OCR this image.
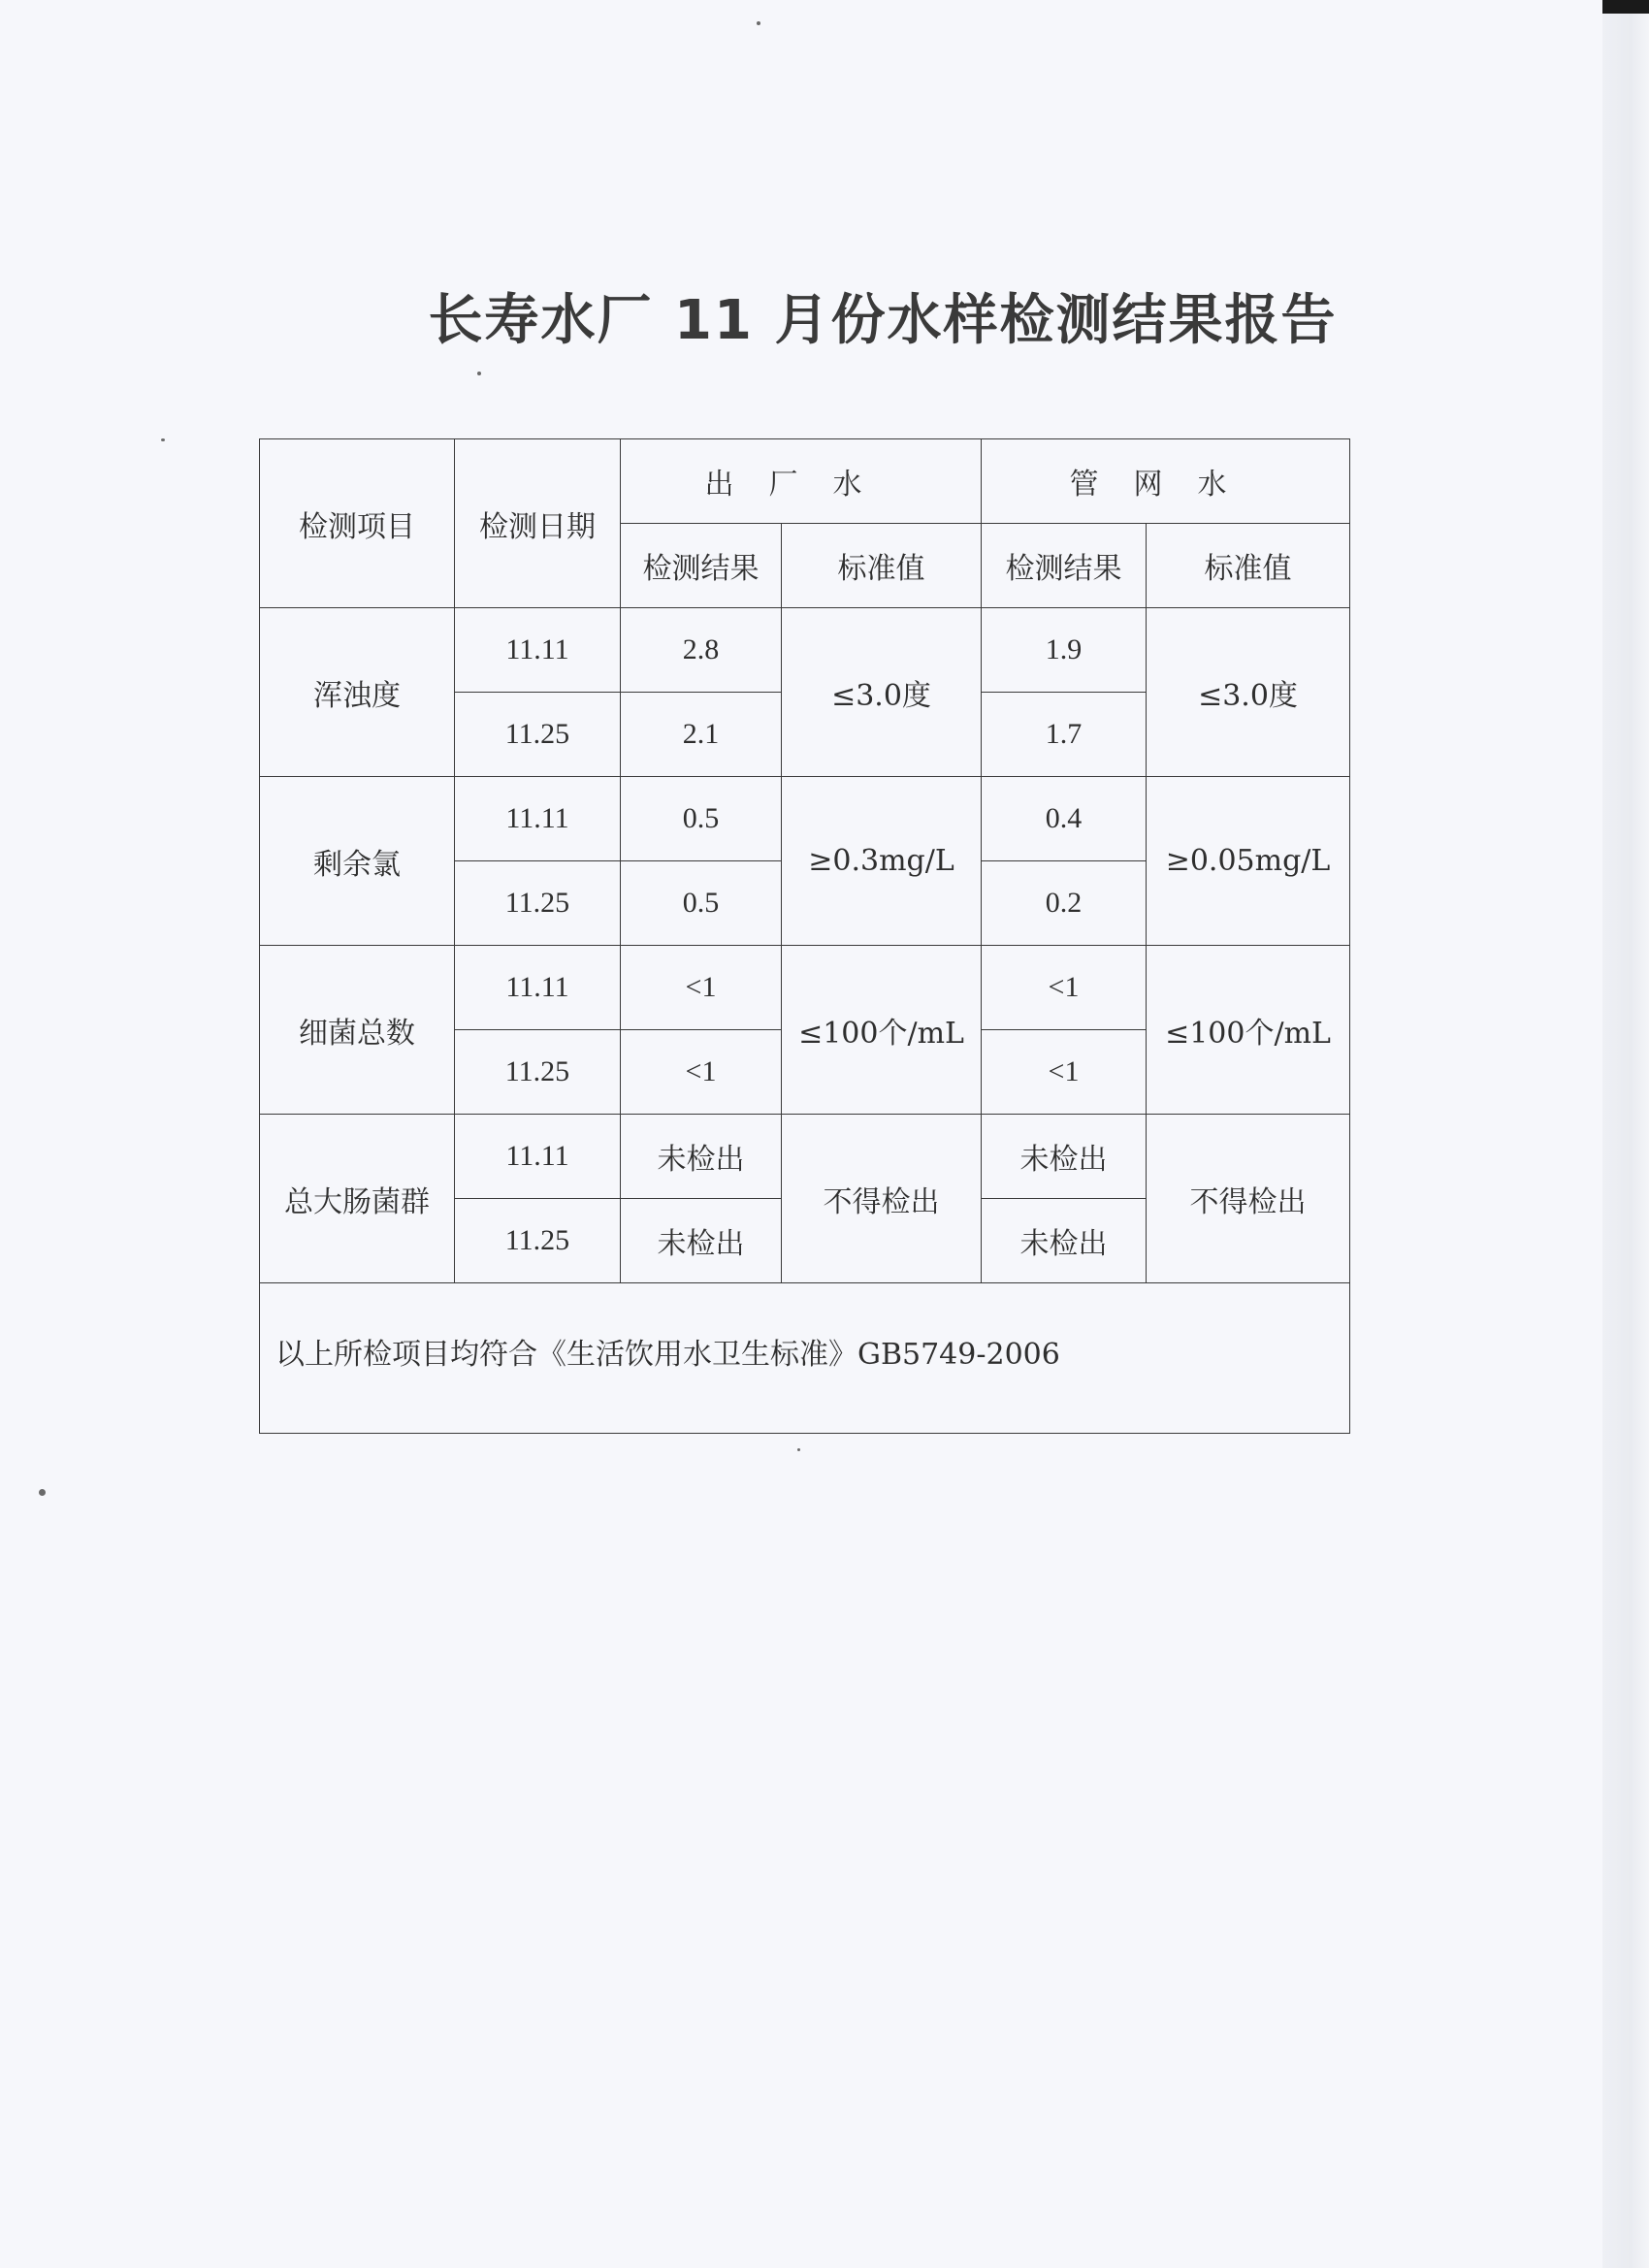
长寿水厂 11 月份水样检测结果报告
检测项目	检测日期	出厂水		管网水	
		检测结果	标准值	检测结果	标准值
浑浊度	11.11	2.8	≤3.0度	1.9	≤3.0度
	11.25	2.1		1.7	
剩余氯	11.11	0.5	≥0.3mg/L	0.4	≥0.05mg/L
	11.25	0.5		0.2	
细菌总数	11.11	<1	≤100个/mL	<1	≤100个/mL
	11.25	<1		<1	
总大肠菌群	11.11	未检出	不得检出	未检出	不得检出
	11.25	未检出		未检出	
以上所检项目均符合《生活饮用水卫生标准》GB5749-2006					
